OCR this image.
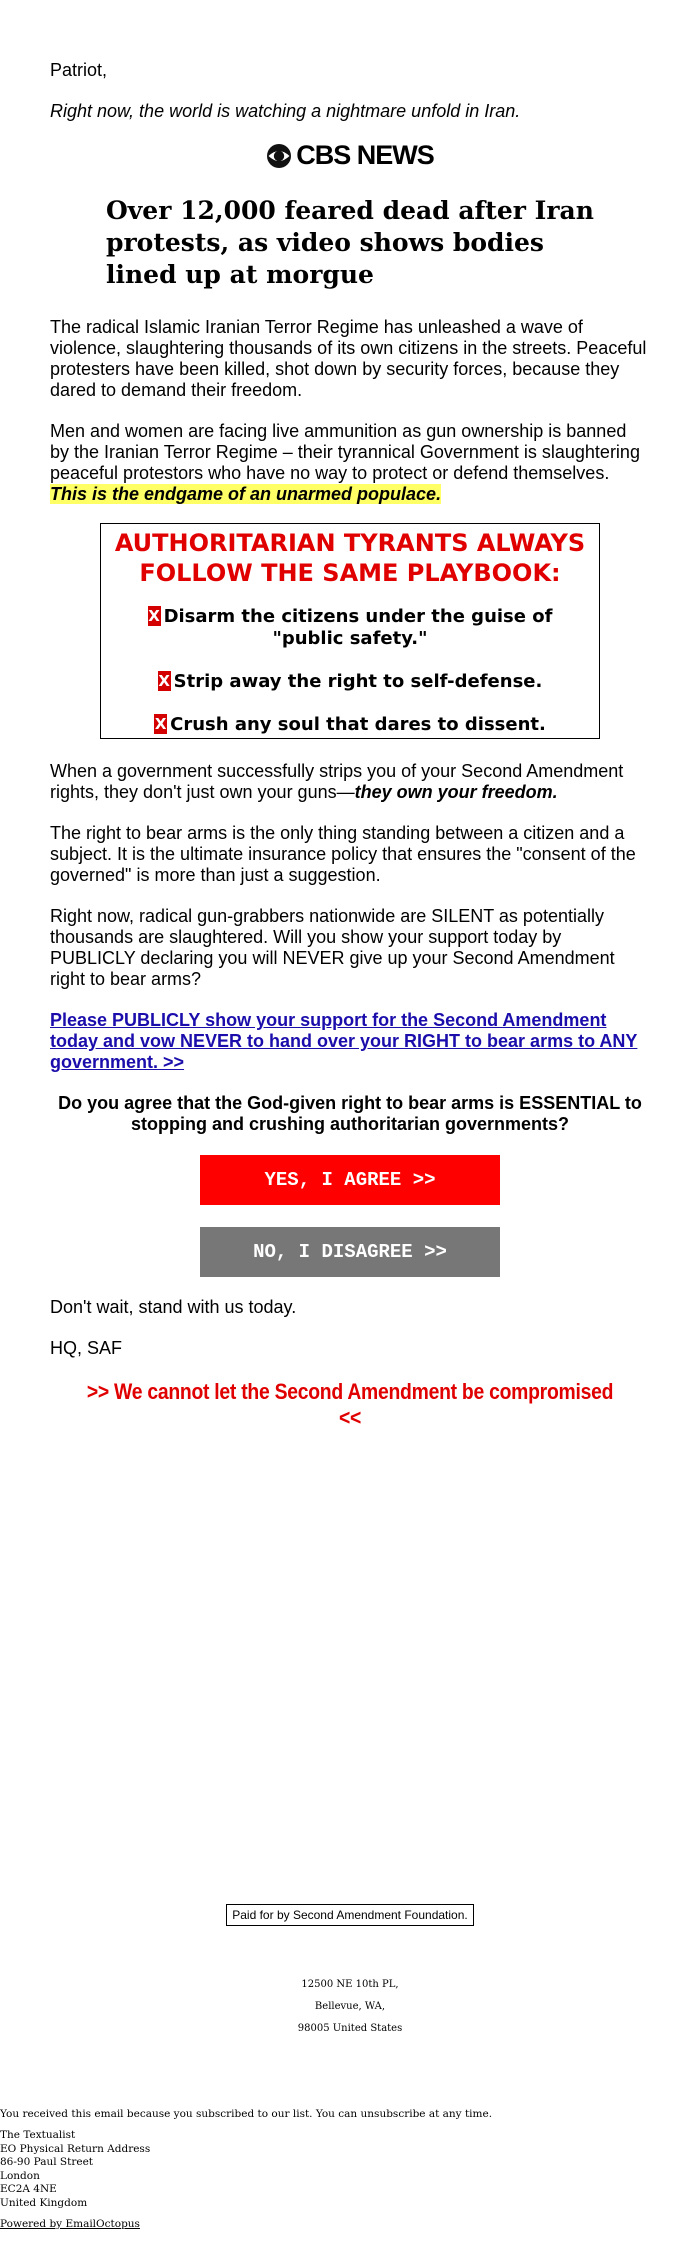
Patriot,

Right now, the world is watching a nightmare unfold in Iran.

CBS NEWS
Over 12,000 feared dead after Iran protests, as video shows bodies lined up at morgue

The radical Islamic Iranian Terror Regime has unleashed a wave of violence, slaughtering thousands of its own citizens in the streets. Peaceful protesters have been killed, shot down by security forces, because they dared to demand their freedom.

Men and women are facing live ammunition as gun ownership is banned by the Iranian Terror Regime – their tyrannical Government is slaughtering peaceful protestors who have no way to protect or defend themselves. This is the endgame of an unarmed populace.

AUTHORITARIAN TYRANTS ALWAYS FOLLOW THE SAME PLAYBOOK:
X Disarm the citizens under the guise of "public safety."
X Strip away the right to self-defense.
X Crush any soul that dares to dissent.

When a government successfully strips you of your Second Amendment rights, they don't just own your guns—they own your freedom.

The right to bear arms is the only thing standing between a citizen and a subject. It is the ultimate insurance policy that ensures the "consent of the governed" is more than just a suggestion.

Right now, radical gun-grabbers nationwide are SILENT as potentially thousands are slaughtered. Will you show your support today by PUBLICLY declaring you will NEVER give up your Second Amendment right to bear arms?

Please PUBLICLY show your support for the Second Amendment today and vow NEVER to hand over your RIGHT to bear arms to ANY government. >>

Do you agree that the God-given right to bear arms is ESSENTIAL to stopping and crushing authoritarian governments?
YES, I AGREE >>
NO, I DISAGREE >>

Don't wait, stand with us today.

HQ, SAF

>> We cannot let the Second Amendment be compromised <<
Paid for by Second Amendment Foundation.
12500 NE 10th PL,
Bellevue, WA,
98005 United States
You received this email because you subscribed to our list. You can unsubscribe at any time.
The Textualist
EO Physical Return Address
86-90 Paul Street
London
EC2A 4NE
United Kingdom
Powered by EmailOctopus
